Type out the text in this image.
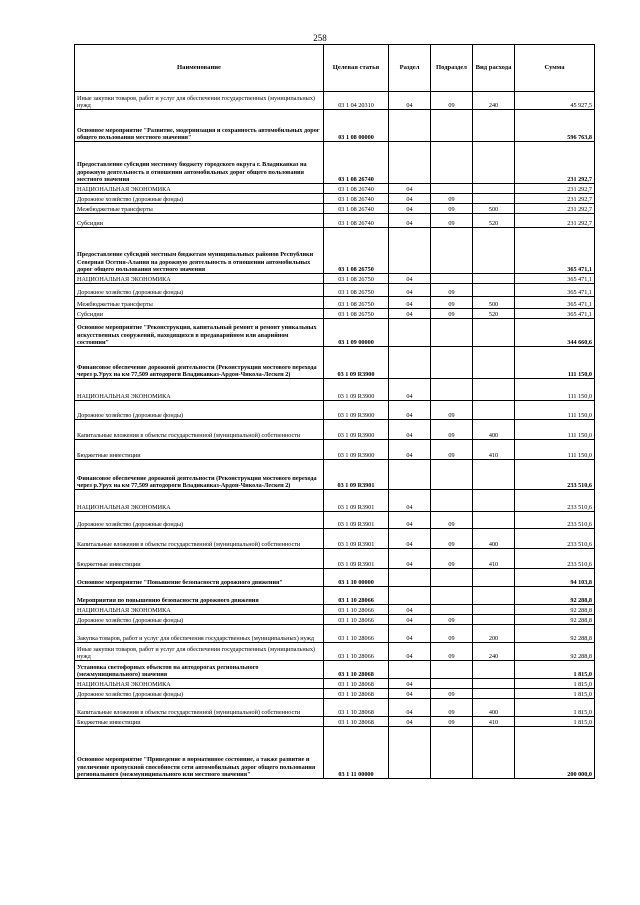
258
Наименование	Целевая статья	Раздел	Подраздел	Вид расхода	Сумма
Иные закупки товаров, работ и услуг для обеспечения государственных (муниципальных) нужд	03 1 04 20310	04	09	240	45 927,5
Основное мероприятие "Развитие, модернизация и сохранность автомобильных дорог общего пользования местного значения"	03 1 08 00000				596 763,8
Предоставление субсидии местному бюджету городского округа г. Владикавказ на дорожную деятельность в отношении автомобильных дорог общего пользования местного значения	03 1 08 26740				231 292,7
НАЦИОНАЛЬНАЯ ЭКОНОМИКА	03 1 08 26740	04			231 292,7
Дорожное хозяйство (дорожные фонды)	03 1 08 26740	04	09		231 292,7
Межбюджетные трансферты	03 1 08 26740	04	09	500	231 292,7
Субсидии	03 1 08 26740	04	09	520	231 292,7
Предоставление субсидий местным бюджетам муниципальных районов Республики Северная Осетия-Алания на дорожную деятельность в отношении автомобильных дорог общего пользования местного значения	03 1 08 26750				365 471,1
НАЦИОНАЛЬНАЯ ЭКОНОМИКА	03 1 08 26750	04			365 471,1
Дорожное хозяйство (дорожные фонды)	03 1 08 26750	04	09		365 471,1
Межбюджетные трансферты	03 1 08 26750	04	09	500	365 471,1
Субсидии	03 1 08 26750	04	09	520	365 471,1
Основное мероприятие "Реконструкция, капитальный ремонт и ремонт уникальных искусственных сооружений, находящихся в предаварийном или аварийном состоянии"	03 1 09 00000				344 660,6
Финансовое обеспечение дорожной деятельности (Реконструкция мостового перехода через р.Урух на км 77,509 автодороги Владикавказ-Ардон-Чикола-Лескен 2)	03 1 09 R3900				111 150,0
НАЦИОНАЛЬНАЯ ЭКОНОМИКА	03 1 09 R3900	04			111 150,0
Дорожное хозяйство (дорожные фонды)	03 1 09 R3900	04	09		111 150,0
Капитальные вложения в объекты государственной (муниципальной) собственности	03 1 09 R3900	04	09	400	111 150,0
Бюджетные инвестиции	03 1 09 R3900	04	09	410	111 150,0
Финансовое обеспечение дорожной деятельности (Реконструкция мостового перехода через р.Урух на км 77,509 автодороги Владикавказ-Ардон-Чикола-Лескен 2)	03 1 09 R3901				233 510,6
НАЦИОНАЛЬНАЯ ЭКОНОМИКА	03 1 09 R3901	04			233 510,6
Дорожное хозяйство (дорожные фонды)	03 1 09 R3901	04	09		233 510,6
Капитальные вложения в объекты государственной (муниципальной) собственности	03 1 09 R3901	04	09	400	233 510,6
Бюджетные инвестиции	03 1 09 R3901	04	09	410	233 510,6
Основное мероприятие "Повышение безопасности дорожного движения"	03 1 10 00000				94 103,8
Мероприятия по повышению безопасности дорожного движения	03 1 10 28066				92 288,8
НАЦИОНАЛЬНАЯ ЭКОНОМИКА	03 1 10 28066	04			92 288,8
Дорожное хозяйство (дорожные фонды)	03 1 10 28066	04	09		92 288,8
Закупка товаров, работ и услуг для обеспечения государственных (муниципальных) нужд	03 1 10 28066	04	09	200	92 288,8
Иные закупки товаров, работ и услуг для обеспечения государственных (муниципальных) нужд	03 1 10 28066	04	09	240	92 288,8
Установка светофорных объектов на автодорогах регионального (межмуниципального) значения	03 1 10 28068				1 815,0
НАЦИОНАЛЬНАЯ ЭКОНОМИКА	03 1 10 28068	04			1 815,0
Дорожное хозяйство (дорожные фонды)	03 1 10 28068	04	09		1 815,0
Капитальные вложения в объекты государственной (муниципальной) собственности	03 1 10 28068	04	09	400	1 815,0
Бюджетные инвестиции	03 1 10 28068	04	09	410	1 815,0
Основное мероприятие "Приведение в нормативное состояние, а также развитие и увеличение пропускной способности сети автомобильных дорог общего пользования регионального (межмуниципального или местного значения"	03 1 11 00000				200 000,0
